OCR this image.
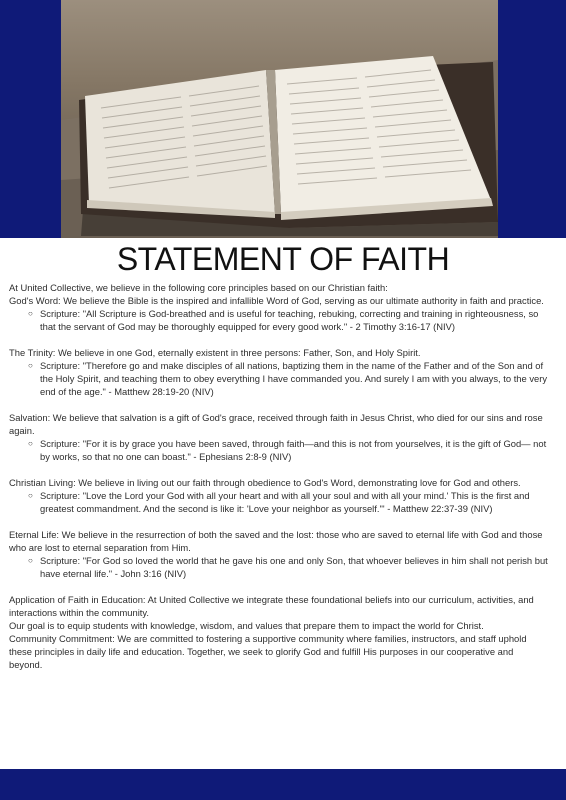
STATEMENT OF FAITH

At United Collective, we believe in the following core principles based on our Christian faith:

God's Word: We believe the Bible is the inspired and infallible Word of God, serving as our ultimate authority in faith and practice.

○ Scripture: "All Scripture is God-breathed and is useful for teaching, rebuking, correcting and training in righteousness, so that the servant of God may be thoroughly equipped for every good work." - 2 Timothy 3:16-17 (NIV)

The Trinity: We believe in one God, eternally existent in three persons: Father, Son, and Holy Spirit.

○ Scripture: "Therefore go and make disciples of all nations, baptizing them in the name of the Father and of the Son and of the Holy Spirit, and teaching them to obey everything I have commanded you. And surely I am with you always, to the very end of the age." - Matthew 28:19-20 (NIV)

Salvation: We believe that salvation is a gift of God's grace, received through faith in Jesus Christ, who died for our sins and rose again.

○ Scripture: "For it is by grace you have been saved, through faith—and this is not from yourselves, it is the gift of God— not by works, so that no one can boast." - Ephesians 2:8-9 (NIV)

Christian Living: We believe in living out our faith through obedience to God's Word, demonstrating love for God and others.

○ Scripture: "Love the Lord your God with all your heart and with all your soul and with all your mind.' This is the first and greatest commandment. And the second is like it: 'Love your neighbor as yourself.'" - Matthew 22:37-39 (NIV)

Eternal Life: We believe in the resurrection of both the saved and the lost: those who are saved to eternal life with God and those who are lost to eternal separation from Him.

○ Scripture: "For God so loved the world that he gave his one and only Son, that whoever believes in him shall not perish but have eternal life." - John 3:16 (NIV)

Application of Faith in Education: At United Collective we integrate these foundational beliefs into our curriculum, activities, and interactions within the community.

Our goal is to equip students with knowledge, wisdom, and values that prepare them to impact the world for Christ.

Community Commitment: We are committed to fostering a supportive community where families, instructors, and staff uphold these principles in daily life and education. Together, we seek to glorify God and fulfill His purposes in our cooperative and beyond.
